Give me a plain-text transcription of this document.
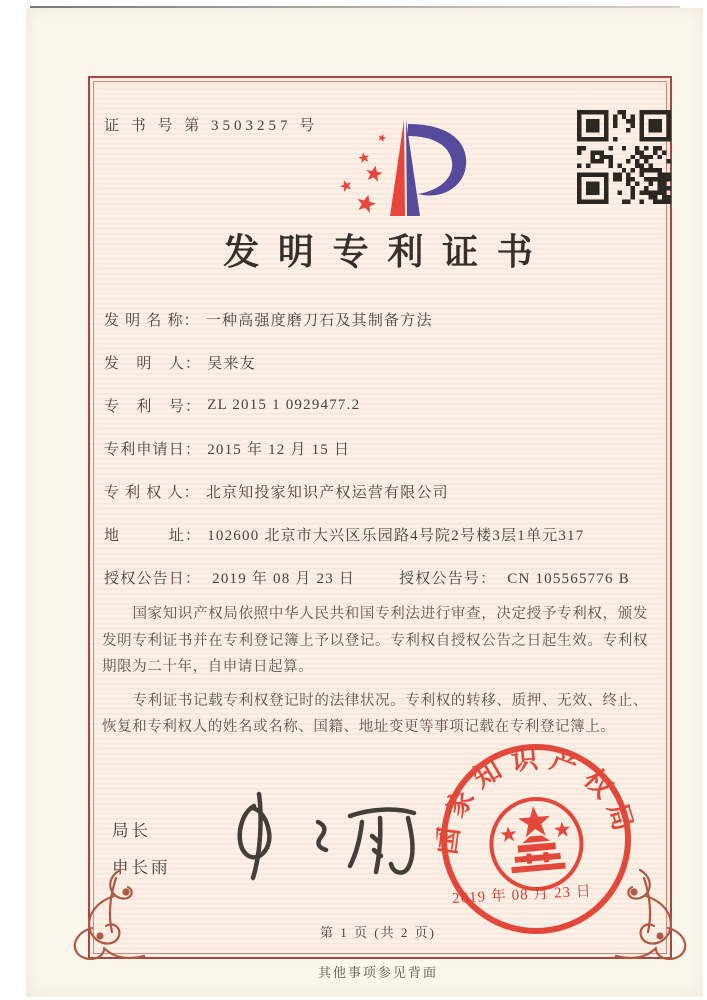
证 书 号 第 3503257 号
发明专利证书
发 明 名 称： 一种高强度磨刀石及其制备方法
发　明　人： 吴来友
专　利　号： ZL 2015 1 0929477.2
专利申请日： 2015 年 12 月 15 日
专 利 权 人： 北京知投家知识产权运营有限公司
地　　　址： 102600 北京市大兴区乐园路4号院2号楼3层1单元317
授权公告日： 2019 年 08 月 23 日	授权公告号： CN 105565776 B

国家知识产权局依照中华人民共和国专利法进行审查，决定授予专利权，颁发发明专利证书并在专利登记簿上予以登记。专利权自授权公告之日起生效。专利权期限为二十年，自申请日起算。

专利证书记载专利权登记时的法律状况。专利权的转移、质押、无效、终止、恢复和专利权人的姓名或名称、国籍、地址变更等事项记载在专利登记簿上。

局长
申长雨
国家知识产权局
2019 年 08 月 23 日
第 1 页 (共 2 页)
其他事项参见背面
